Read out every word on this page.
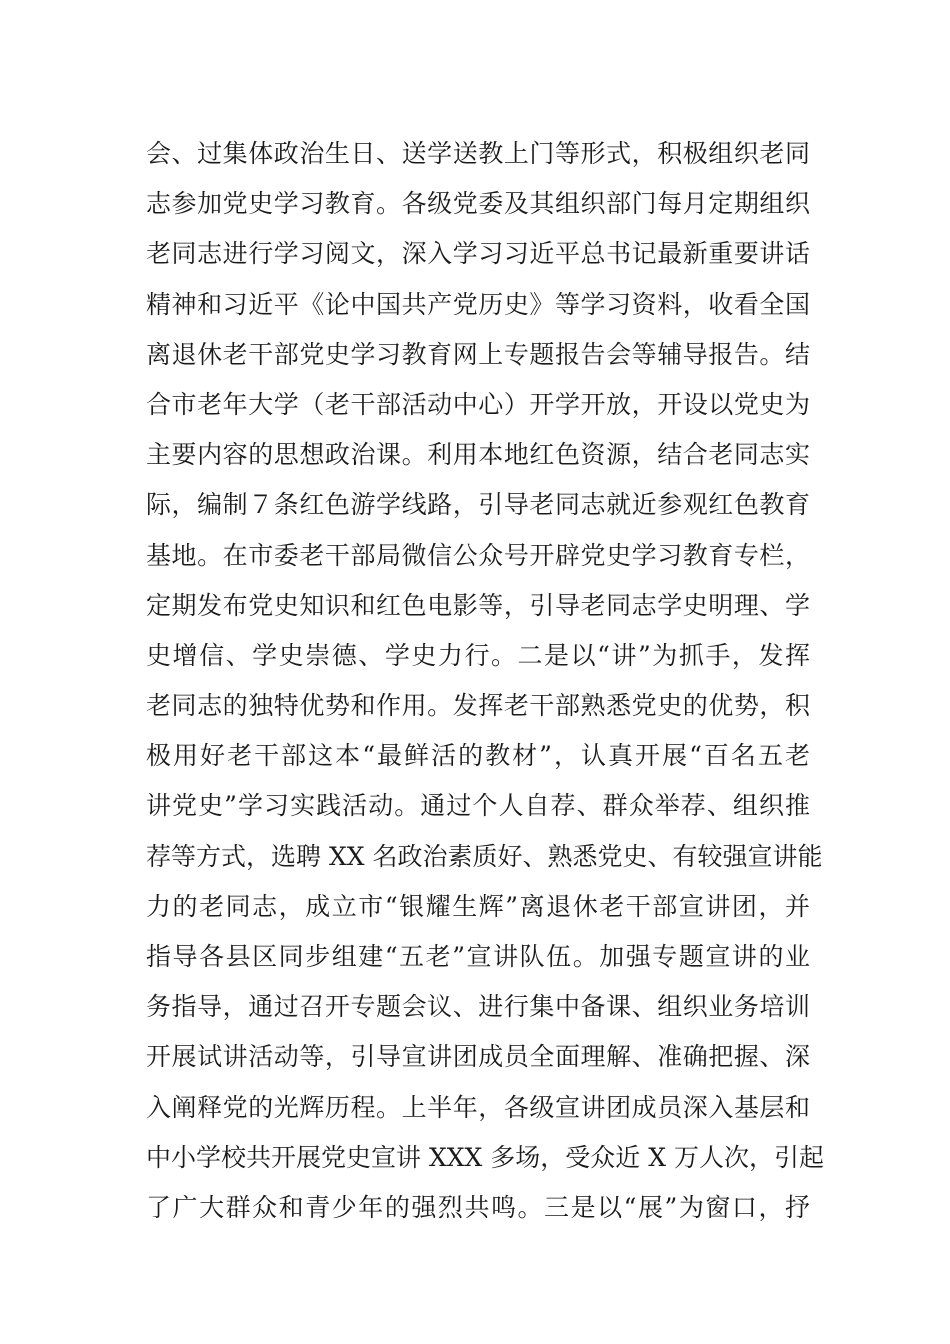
会、过集体政治生日、送学送教上门等形式，积极组织老同
志参加党史学习教育。各级党委及其组织部门每月定期组织
老同志进行学习阅文，深入学习习近平总书记最新重要讲话
精神和习近平《论中国共产党历史》等学习资料，收看全国
离退休老干部党史学习教育网上专题报告会等辅导报告。结
合市老年大学（老干部活动中心）开学开放，开设以党史为
主要内容的思想政治课。利用本地红色资源，结合老同志实
际，编制７条红色游学线路，引导老同志就近参观红色教育
基地。在市委老干部局微信公众号开辟党史学习教育专栏，
定期发布党史知识和红色电影等，引导老同志学史明理、学
史增信、学史崇德、学史力行。二是以“讲”为抓手，发挥
老同志的独特优势和作用。发挥老干部熟悉党史的优势，积
极用好老干部这本“最鲜活的教材”，认真开展“百名五老
讲党史”学习实践活动。通过个人自荐、群众举荐、组织推
荐等方式，选聘 XX 名政治素质好、熟悉党史、有较强宣讲能
力的老同志，成立市“银耀生辉”离退休老干部宣讲团，并
指导各县区同步组建“五老”宣讲队伍。加强专题宣讲的业
务指导，通过召开专题会议、进行集中备课、组织业务培训
开展试讲活动等，引导宣讲团成员全面理解、准确把握、深
入阐释党的光辉历程。上半年，各级宣讲团成员深入基层和
中小学校共开展党史宣讲 XXX 多场，受众近 X 万人次，引起
了广大群众和青少年的强烈共鸣。三是以“展”为窗口，抒
